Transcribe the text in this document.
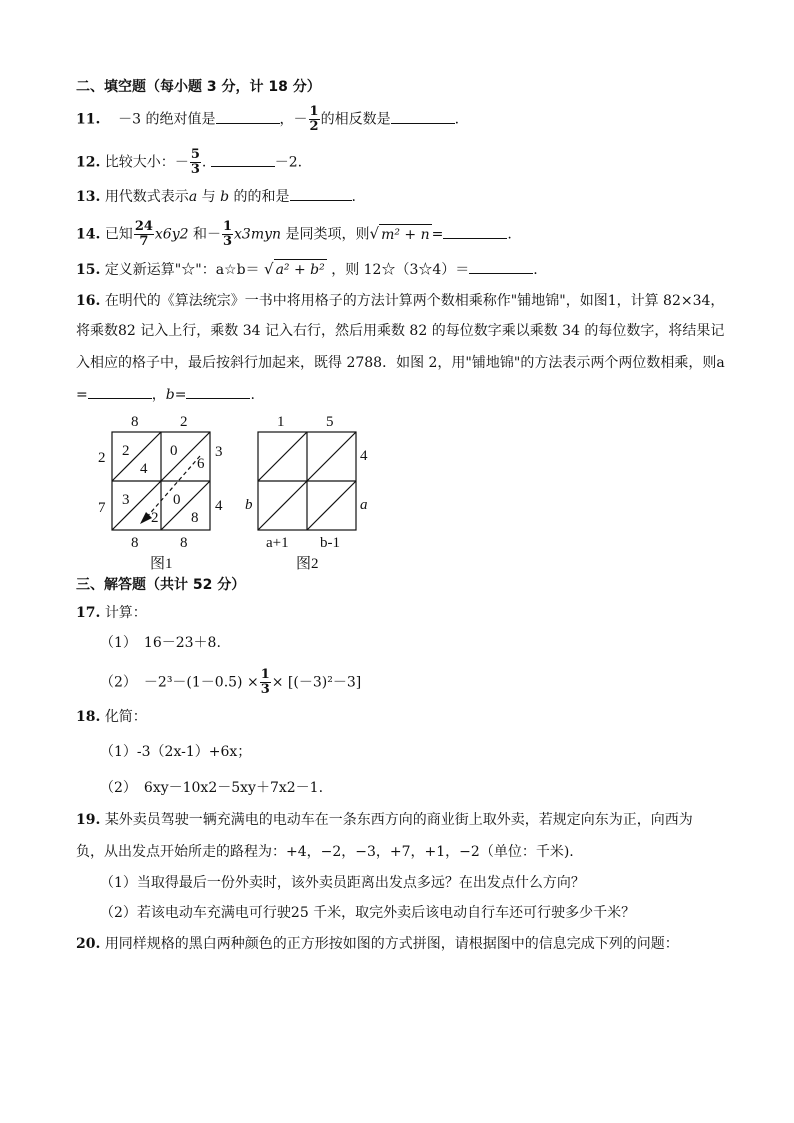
二、填空题（每小题 3 分，计 18 分）
11. －3 的绝对值是	，－ $\frac{1}{2}$ 的相反数是	.
12. 比较大小：－ $\frac{5}{3}$ .	－2.
13. 用代数式表示a 与 b 的的和是	.
14. 已知 $\frac{24}{7} x6y2$ 和－ $\frac{1}{3} x3myn$ 是同类项，则√ m² + n =	.
15. 定义新运算"☆"：a☆b＝ √ a² + b² ，则 12☆（3☆4）＝	.
16. 在明代的《算法统宗》一书中将用格子的方法计算两个数相乘称作"铺地锦"，如图1，计算 82×34，
将乘数82 记入上行，乘数 34 记入右行，然后用乘数 82 的每位数字乘以乘数 34 的每位数字，将结果记
入相应的格子中，最后按斜行加起来，既得 2788．如图 2，用"铺地锦"的方法表示两个两位数相乘，则a
=	，b=	.
8	2
2
7
3
6
4
2
4
0
3
2
0
8
8	8
图1
1	5
4
a
b
a+1 b-1
图2
三、解答题（共计 52 分）
17. 计算：
（1）　16－23＋8.
（2）　$-2^3-(1-0.5) \times \frac{1}{3} \times [(-3)^2-3]$
18. 化简：
（1）-3（2x-1）+6x；
（2）　6xy－10x2－5xy＋7x2－1.
19. 某外卖员驾驶一辆充满电的电动车在一条东西方向的商业街上取外卖，若规定向东为正，向西为
负，从出发点开始所走的路程为：+4，−2，−3，+7，+1，−2（单位：千米).
（1）当取得最后一份外卖时，该外卖员距离出发点多远？在出发点什么方向？
（2）若该电动车充满电可行驶25 千米，取完外卖后该电动自行车还可行驶多少千米？
20. 用同样规格的黑白两种颜色的正方形按如图的方式拼图，请根据图中的信息完成下列的问题：
